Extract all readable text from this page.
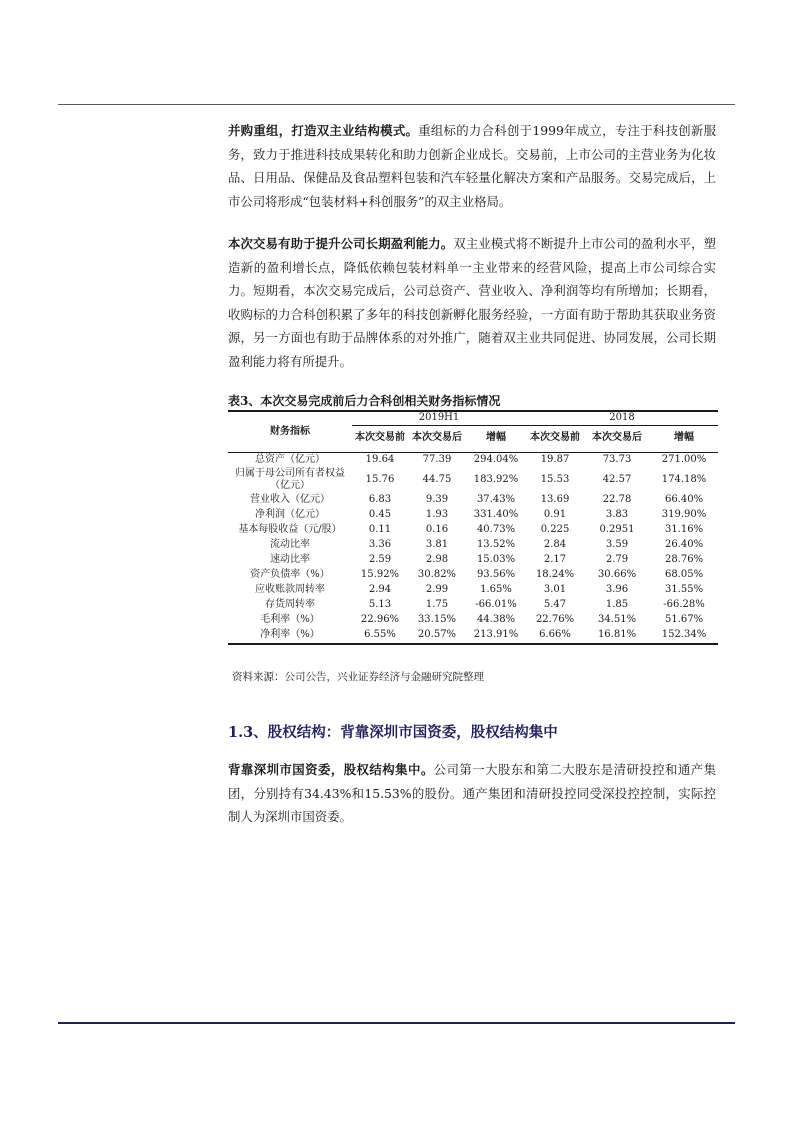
并购重组，打造双主业结构模式。重组标的力合科创于1999年成立，专注于科技创新服务，致力于推进科技成果转化和助力创新企业成长。交易前，上市公司的主营业务为化妆品、日用品、保健品及食品塑料包装和汽车轻量化解决方案和产品服务。交易完成后，上市公司将形成“包装材料+科创服务”的双主业格局。

本次交易有助于提升公司长期盈利能力。双主业模式将不断提升上市公司的盈利水平，塑造新的盈利增长点，降低依赖包装材料单一主业带来的经营风险，提高上市公司综合实力。短期看，本次交易完成后，公司总资产、营业收入、净利润等均有所增加；长期看，收购标的力合科创积累了多年的科技创新孵化服务经验，一方面有助于帮助其获取业务资源，另一方面也有助于品牌体系的对外推广，随着双主业共同促进、协同发展，公司长期盈利能力将有所提升。

表3、本次交易完成前后力合科创相关财务指标情况
财务指标	2019H1			2018		
	本次交易前	本次交易后	增幅	本次交易前	本次交易后	增幅
总资产（亿元）	19.64	77.39	294.04%	19.87	73.73	271.00%
归属于母公司所有者权益（亿元）	15.76	44.75	183.92%	15.53	42.57	174.18%
营业收入（亿元）	6.83	9.39	37.43%	13.69	22.78	66.40%
净利润（亿元）	0.45	1.93	331.40%	0.91	3.83	319.90%
基本每股收益（元/股）	0.11	0.16	40.73%	0.225	0.2951	31.16%
流动比率	3.36	3.81	13.52%	2.84	3.59	26.40%
速动比率	2.59	2.98	15.03%	2.17	2.79	28.76%
资产负债率（%）	15.92%	30.82%	93.56%	18.24%	30.66%	68.05%
应收账款周转率	2.94	2.99	1.65%	3.01	3.96	31.55%
存货周转率	5.13	1.75	-66.01%	5.47	1.85	-66.28%
毛利率（%）	22.96%	33.15%	44.38%	22.76%	34.51%	51.67%
净利率（%）	6.55%	20.57%	213.91%	6.66%	16.81%	152.34%
资料来源：公司公告，兴业证券经济与金融研究院整理
1.3、股权结构：背靠深圳市国资委，股权结构集中

背靠深圳市国资委，股权结构集中。公司第一大股东和第二大股东是清研投控和通产集团，分别持有34.43%和15.53%的股份。通产集团和清研投控同受深投控控制，实际控制人为深圳市国资委。
